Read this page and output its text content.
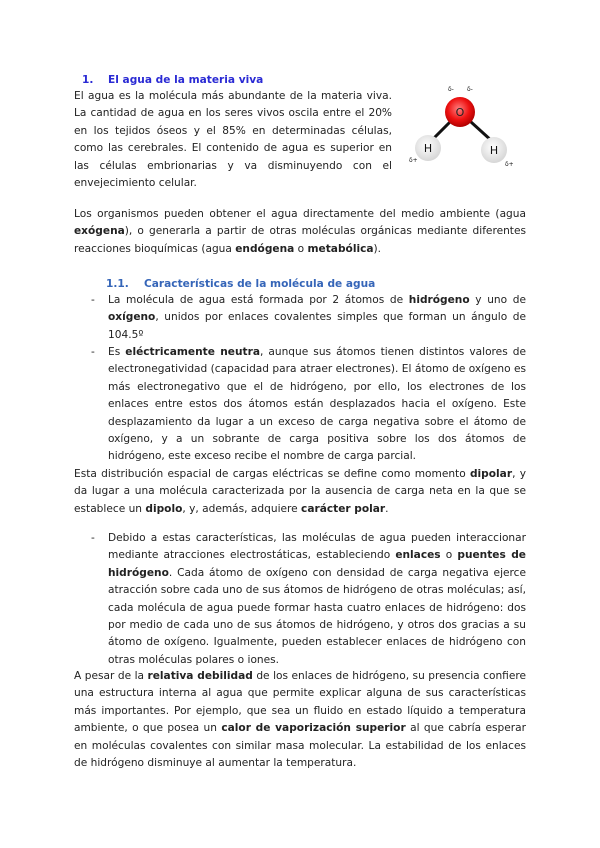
1. El agua de la materia viva

El agua es la molécula más abundante de la materia viva. La cantidad de agua en los seres vivos oscila entre el 20% en los tejidos óseos y el 85% en determinadas células, como las cerebrales. El contenido de agua es superior en las células embrionarias y va disminuyendo con el envejecimiento celular.

O
H	H
δ- δ-
δ+
δ+

Los organismos pueden obtener el agua directamente del medio ambiente (agua exógena), o generarla a partir de otras moléculas orgánicas mediante diferentes reacciones bioquímicas (agua endógena o metabólica).

1.1. Características de la molécula de agua
- La molécula de agua está formada por 2 átomos de hidrógeno y uno de oxígeno, unidos por enlaces covalentes simples que forman un ángulo de 104.5º

- Es eléctricamente neutra, aunque sus átomos tienen distintos valores de electronegatividad (capacidad para atraer electrones). El átomo de oxígeno es más electronegativo que el de hidrógeno, por ello, los electrones de los enlaces entre estos dos átomos están desplazados hacia el oxígeno. Este desplazamiento da lugar a un exceso de carga negativa sobre el átomo de oxígeno, y a un sobrante de carga positiva sobre los dos átomos de hidrógeno, este exceso recibe el nombre de carga parcial.

Esta distribución espacial de cargas eléctricas se define como momento dipolar, y da lugar a una molécula caracterizada por la ausencia de carga neta en la que se establece un dipolo, y, además, adquiere carácter polar.

- Debido a estas características, las moléculas de agua pueden interaccionar mediante atracciones electrostáticas, estableciendo enlaces o puentes de hidrógeno. Cada átomo de oxígeno con densidad de carga negativa ejerce atracción sobre cada uno de sus átomos de hidrógeno de otras moléculas; así, cada molécula de agua puede formar hasta cuatro enlaces de hidrógeno: dos por medio de cada uno de sus átomos de hidrógeno, y otros dos gracias a su átomo de oxígeno. Igualmente, pueden establecer enlaces de hidrógeno con otras moléculas polares o iones.

A pesar de la relativa debilidad de los enlaces de hidrógeno, su presencia confiere una estructura interna al agua que permite explicar alguna de sus características más importantes. Por ejemplo, que sea un fluido en estado líquido a temperatura ambiente, o que posea un calor de vaporización superior al que cabría esperar en moléculas covalentes con similar masa molecular. La estabilidad de los enlaces de hidrógeno disminuye al aumentar la temperatura.
